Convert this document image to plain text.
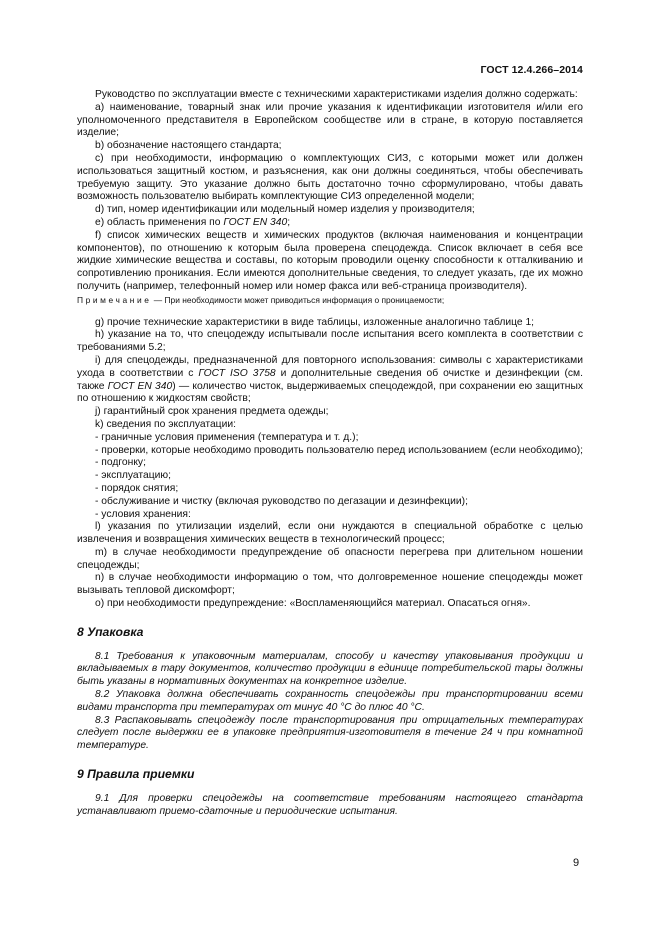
ГОСТ 12.4.266–2014

Руководство по эксплуатации вместе с техническими характеристиками изделия должно содержать:

а) наименование, товарный знак или прочие указания к идентификации изготовителя и/или его уполномоченного представителя в Европейском сообществе или в стране, в которую поставляется изделие;

b) обозначение настоящего стандарта;

c) при необходимости, информацию о комплектующих СИЗ, с которыми может или должен использоваться защитный костюм, и разъяснения, как они должны соединяться, чтобы обеспечивать требуемую защиту. Это указание должно быть достаточно точно сформулировано, чтобы давать возможность пользователю выбирать комплектующие СИЗ определенной модели;

d) тип, номер идентификации или модельный номер изделия у производителя;

е) область применения по ГОСТ EN 340;

f) список химических веществ и химических продуктов (включая наименования и концентрации компонентов), по отношению к которым была проверена спецодежда. Список включает в себя все жидкие химические вещества и составы, по которым проводили оценку способности к отталкиванию и сопротивлению проникания. Если имеются дополнительные сведения, то следует указать, где их можно получить (например, телефонный номер или номер факса или веб-страница производителя).

Примечание — При необходимости может приводиться информация о проницаемости;

g) прочие технические характеристики в виде таблицы, изложенные аналогично таблице 1;

h) указание на то, что спецодежду испытывали после испытания всего комплекта в соответствии с требованиями 5.2;

i) для спецодежды, предназначенной для повторного использования: символы с характеристиками ухода в соответствии с ГОСТ ISO 3758 и дополнительные сведения об очистке и дезинфекции (см. также ГОСТ EN 340) — количество чисток, выдерживаемых спецодеждой, при сохранении ею защитных по отношению к жидкостям свойств;

j) гарантийный срок хранения предмета одежды;

k) сведения по эксплуатации:

- граничные условия применения (температура и т. д.);

- проверки, которые необходимо проводить пользователю перед использованием (если необходимо);

- подгонку;

- эксплуатацию;

- порядок снятия;

- обслуживание и чистку (включая руководство по дегазации и дезинфекции);

- условия хранения:

l) указания по утилизации изделий, если они нуждаются в специальной обработке с целью извлечения и возвращения химических веществ в технологический процесс;

m) в случае необходимости предупреждение об опасности перегрева при длительном ношении спецодежды;

n) в случае необходимости информацию о том, что долговременное ношение спецодежды может вызывать тепловой дискомфорт;

о) при необходимости предупреждение: «Воспламеняющийся материал. Опасаться огня».

8 Упаковка

8.1 Требования к упаковочным материалам, способу и качеству упаковывания продукции и вкладываемых в тару документов, количество продукции в единице потребительской тары должны быть указаны в нормативных документах на конкретное изделие.

8.2 Упаковка должна обеспечивать сохранность спецодежды при транспортировании всеми видами транспорта при температурах от минус 40 °С до плюс 40 °С.

8.3 Распаковывать спецодежду после транспортирования при отрицательных температурах следует после выдержки ее в упаковке предприятия-изготовителя в течение 24 ч при комнатной температуре.

9 Правила приемки

9.1 Для проверки спецодежды на соответствие требованиям настоящего стандарта устанавливают приемо-сдаточные и периодические испытания.

9
